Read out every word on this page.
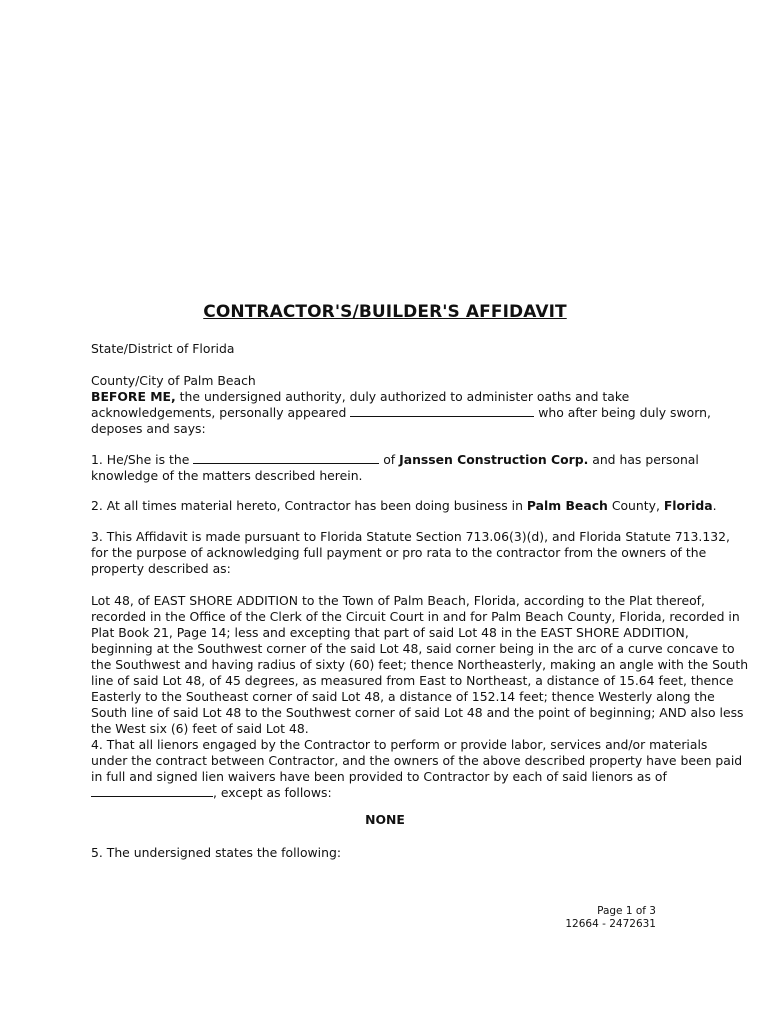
CONTRACTOR'S/BUILDER'S AFFIDAVIT
State/District of Florida
County/City of Palm Beach
BEFORE ME, the undersigned authority, duly authorized to administer oaths and take
acknowledgements, personally appeared	who after being duly sworn,
deposes and says:
1. He/She is the	of Janssen Construction Corp. and has personal
knowledge of the matters described herein.
2. At all times material hereto, Contractor has been doing business in Palm Beach County, Florida.
3. This Affidavit is made pursuant to Florida Statute Section 713.06(3)(d), and Florida Statute 713.132,
for the purpose of acknowledging full payment or pro rata to the contractor from the owners of the
property described as:
Lot 48, of EAST SHORE ADDITION to the Town of Palm Beach, Florida, according to the Plat thereof,
recorded in the Office of the Clerk of the Circuit Court in and for Palm Beach County, Florida, recorded in
Plat Book 21, Page 14; less and excepting that part of said Lot 48 in the EAST SHORE ADDITION,
beginning at the Southwest corner of the said Lot 48, said corner being in the arc of a curve concave to
the Southwest and having radius of sixty (60) feet; thence Northeasterly, making an angle with the South
line of said Lot 48, of 45 degrees, as measured from East to Northeast, a distance of 15.64 feet, thence
Easterly to the Southeast corner of said Lot 48, a distance of 152.14 feet; thence Westerly along the
South line of said Lot 48 to the Southwest corner of said Lot 48 and the point of beginning; AND also less
the West six (6) feet of said Lot 48.
4. That all lienors engaged by the Contractor to perform or provide labor, services and/or materials
under the contract between Contractor, and the owners of the above described property have been paid
in full and signed lien waivers have been provided to Contractor by each of said lienors as of
, except as follows:
NONE
5. The undersigned states the following:
Page 1 of 3
12664 - 2472631
